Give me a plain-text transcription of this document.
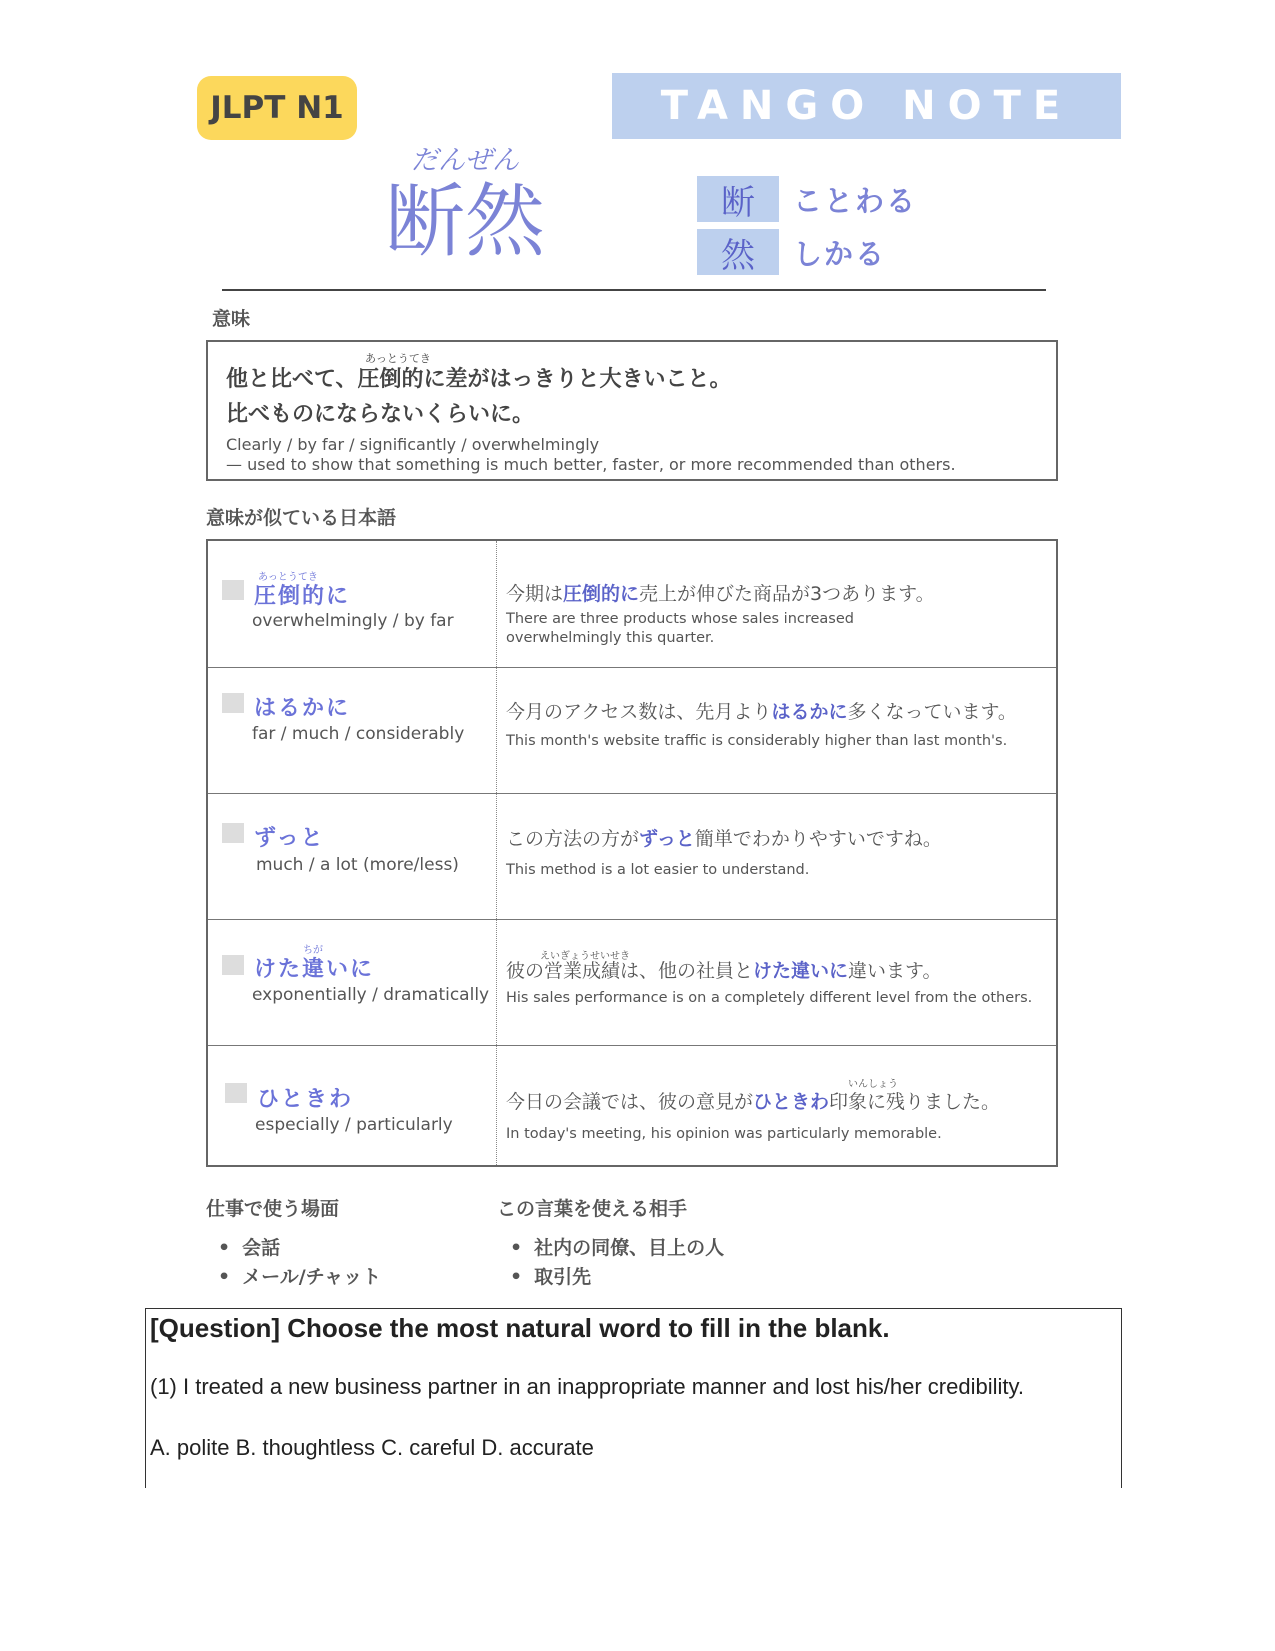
JLPT N1	TANGO NOTE
だんぜん
断然	断	ことわる
然	しかる
意味
あっとうてき
他と比べて、圧倒的に差がはっきりと大きいこと。
比べものにならないくらいに。
Clearly / by far / significantly / overwhelmingly
— used to show that something is much better, faster, or more recommended than others.
意味が似ている日本語
あっとうてき
圧倒的に
overwhelmingly / by far
今期は圧倒的に売上が伸びた商品が3つあります。
There are three products whose sales increased overwhelmingly this quarter.
はるかに
far / much / considerably
今月のアクセス数は、先月よりはるかに多くなっています。
This month's website traffic is considerably higher than last month's.
ずっと
much / a lot (more/less)
この方法の方がずっと簡単でわかりやすいですね。
This method is a lot easier to understand.
ちが
けた違いに
exponentially / dramatically
えいぎょうせいせき
彼の営業成績は、他の社員とけた違いに違います。
His sales performance is on a completely different level from the others.
ひときわ
especially / particularly
いんしょう
今日の会議では、彼の意見がひときわ印象に残りました。
In today's meeting, his opinion was particularly memorable.
仕事で使う場面
• 会話
• メール/チャット
この言葉を使える相手
• 社内の同僚、目上の人
• 取引先
[Question] Choose the most natural word to fill in the blank.
(1) I treated a new business partner in an inappropriate manner and lost his/her credibility.
A. polite B. thoughtless C. careful D. accurate
